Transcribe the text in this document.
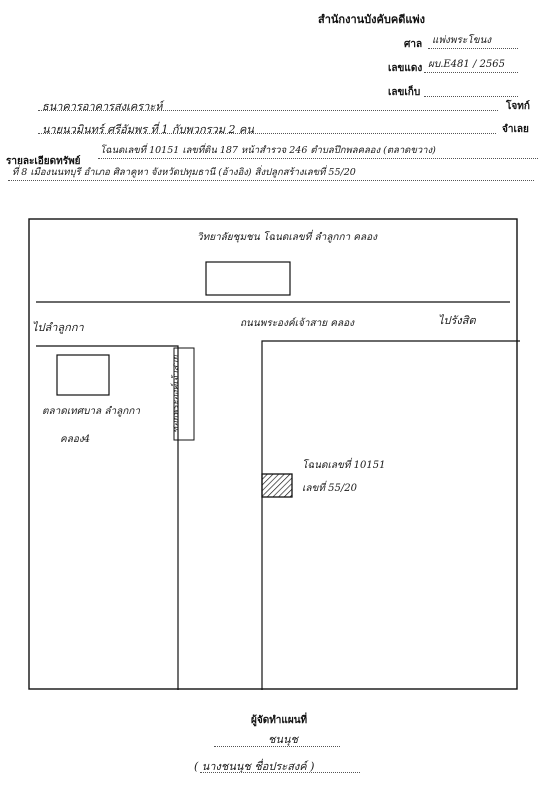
สำนักงานบังคับคดีแพ่ง
ศาล แพ่งพระโขนง
เลขแดง ผบ.E481 / 2565
เลขเก็บ
ธนาคารอาคารสงเคราะห์	โจทก์
นายนวมินทร์ ศรีอัมพร ที่ 1 กับพวกรวม 2 คน	จำเลย
รายละเอียดทรัพย์
โฉนดเลขที่ 10151 เลขที่ดิน 187 หน้าสำรวจ 246 ตำบลปึกพลคลอง (ตลาดขวาง)
ที่ 8 เมืองนนทบุรี อำเภอ ศิลาคูหา จังหวัดปทุมธานี (อ้างอิง) สิ่งปลูกสร้างเลขที่ 55/20
วิทยาลัยชุมชน โฉนดเลขที่ ลำลูกกา คลอง
ไปลำลูกกา	ถนนพระองค์เจ้าสาย คลอง	ไปรังสิต
ซอยพระองค์เจ้าสาย
ตลาดเทศบาล ลำลูกกา
คลอง4
โฉนดเลขที่ 10151
เลขที่ 55/20
ผู้จัดทำแผนที่
ชนนุช
( นางชนนุช ชื่อประสงค์ )
